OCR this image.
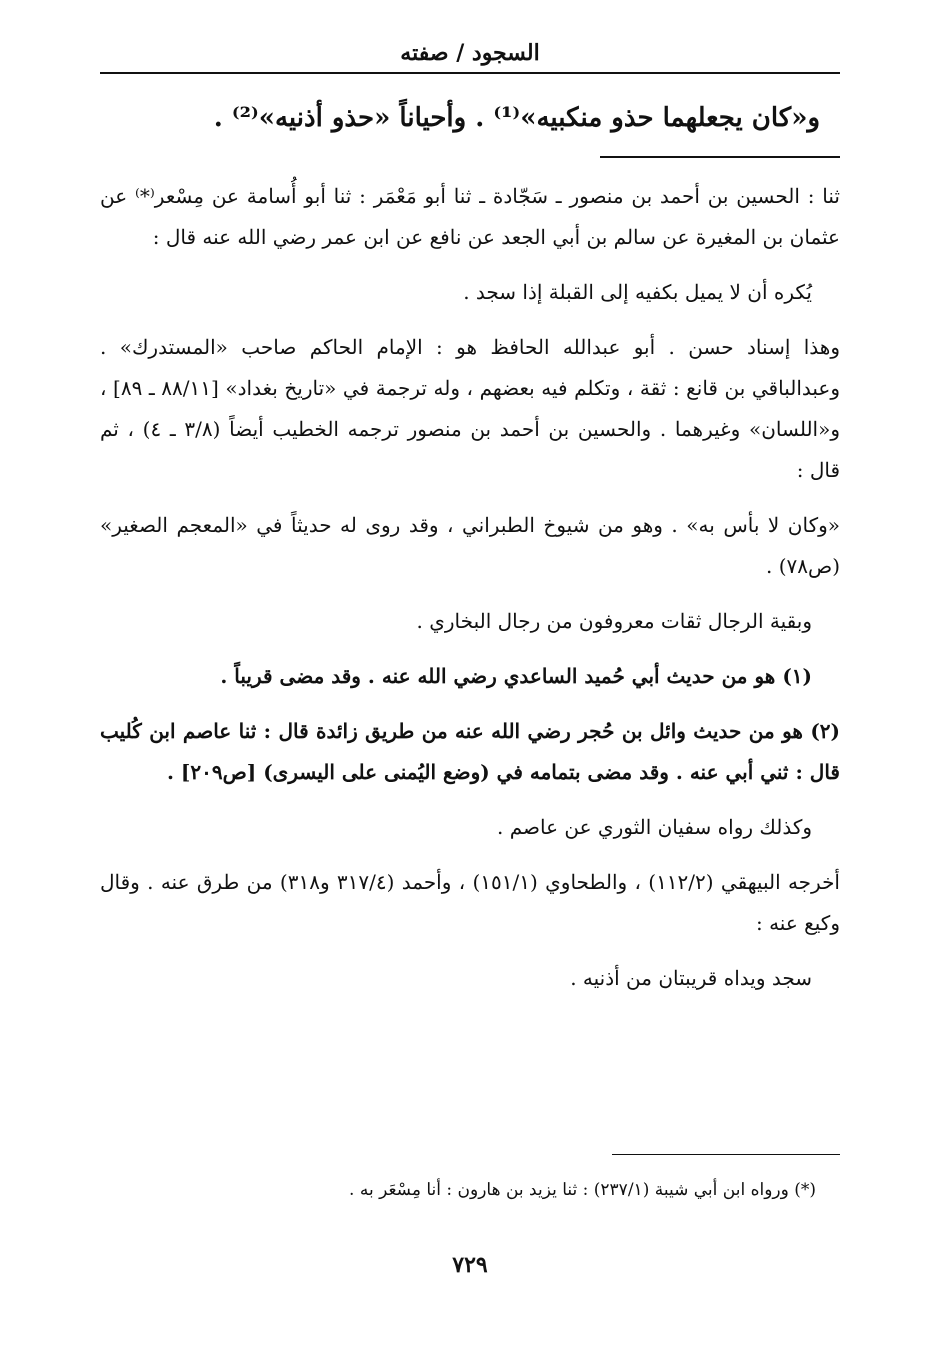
السجود / صفته
و«كان يجعلهما حذو منكبيه»⁽¹⁾ . وأحياناً «حذو أذنيه»⁽²⁾ .

ثنا : الحسين بن أحمد بن منصور ـ سَجّادة ـ ثنا أبو مَعْمَر : ثنا أبو أُسامة عن مِسْعر⁽*⁾ عن عثمان بن المغيرة عن سالم بن أبي الجعد عن نافع عن ابن عمر رضي الله عنه قال :

يُكره أن لا يميل بكفيه إلى القبلة إذا سجد .

وهذا إسناد حسن . أبو عبدالله الحافظ هو : الإمام الحاكم صاحب «المستدرك» . وعبدالباقي بن قانع : ثقة ، وتكلم فيه بعضهم ، وله ترجمة في «تاريخ بغداد» [٨٨/١١ ـ ٨٩] ، و«اللسان» وغيرهما . والحسين بن أحمد بن منصور ترجمه الخطيب أيضاً (٣/٨ ـ ٤) ، ثم قال :

«وكان لا بأس به» . وهو من شيوخ الطبراني ، وقد روى له حديثاً في «المعجم الصغير» (ص٧٨) .

وبقية الرجال ثقات معروفون من رجال البخاري .

(١) هو من حديث أبي حُميد الساعدي رضي الله عنه . وقد مضى قريباً .

(٢) هو من حديث وائل بن حُجر رضي الله عنه من طريق زائدة قال : ثنا عاصم ابن كُليب قال : ثني أبي عنه . وقد مضى بتمامه في (وضع اليُمنى على اليسرى) [ص٢٠٩] .

وكذلك رواه سفيان الثوري عن عاصم .

أخرجه البيهقي (١١٢/٢) ، والطحاوي (١٥١/١) ، وأحمد (٣١٧/٤ و٣١٨) من طرق عنه . وقال وكيع عنه :

سجد ويداه قريبتان من أذنيه .

(*) ورواه ابن أبي شيبة (٢٣٧/١) : ثنا يزيد بن هارون : أنا مِسْعَر به .
٧٢٩
